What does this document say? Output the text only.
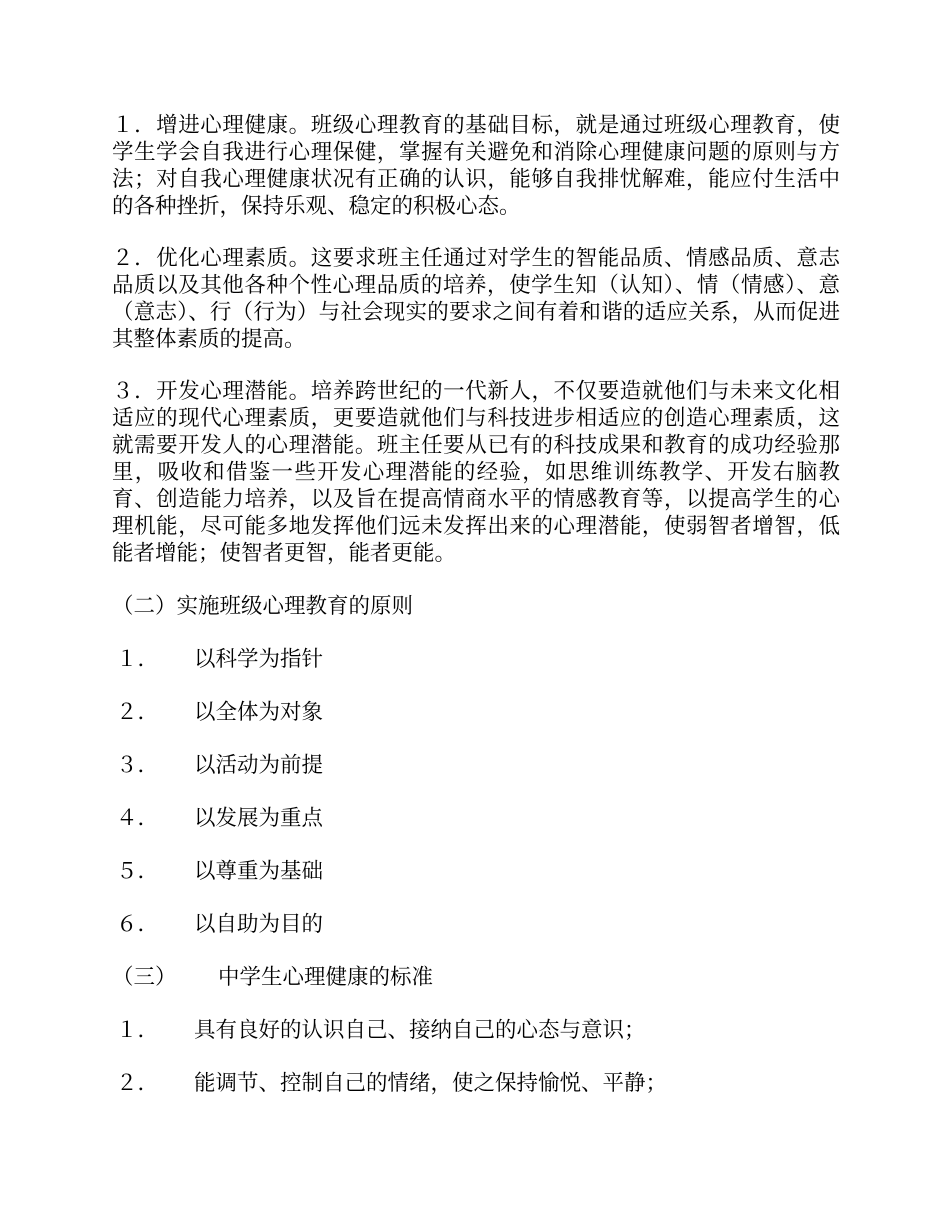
１．增进心理健康。班级心理教育的基础目标，就是通过班级心理教育，使学生学会自我进行心理保健，掌握有关避免和消除心理健康问题的原则与方法；对自我心理健康状况有正确的认识，能够自我排忧解难，能应付生活中的各种挫折，保持乐观、稳定的积极心态。

２．优化心理素质。这要求班主任通过对学生的智能品质、情感品质、意志品质以及其他各种个性心理品质的培养，使学生知（认知）、情（情感）、意（意志）、行（行为）与社会现实的要求之间有着和谐的适应关系，从而促进其整体素质的提高。

３．开发心理潜能。培养跨世纪的一代新人，不仅要造就他们与未来文化相适应的现代心理素质，更要造就他们与科技进步相适应的创造心理素质，这就需要开发人的心理潜能。班主任要从已有的科技成果和教育的成功经验那里，吸收和借鉴一些开发心理潜能的经验，如思维训练教学、开发右脑教育、创造能力培养，以及旨在提高情商水平的情感教育等，以提高学生的心理机能，尽可能多地发挥他们远未发挥出来的心理潜能，使弱智者增智，低能者增能；使智者更智，能者更能。

（二）实施班级心理教育的原则
１．	以科学为指针
２．	以全体为对象
３．	以活动为前提
４．	以发展为重点
５．	以尊重为基础
６．	以自助为目的
（三）	中学生心理健康的标准
１．	具有良好的认识自己、接纳自己的心态与意识；
２．	能调节、控制自己的情绪，使之保持愉悦、平静；
